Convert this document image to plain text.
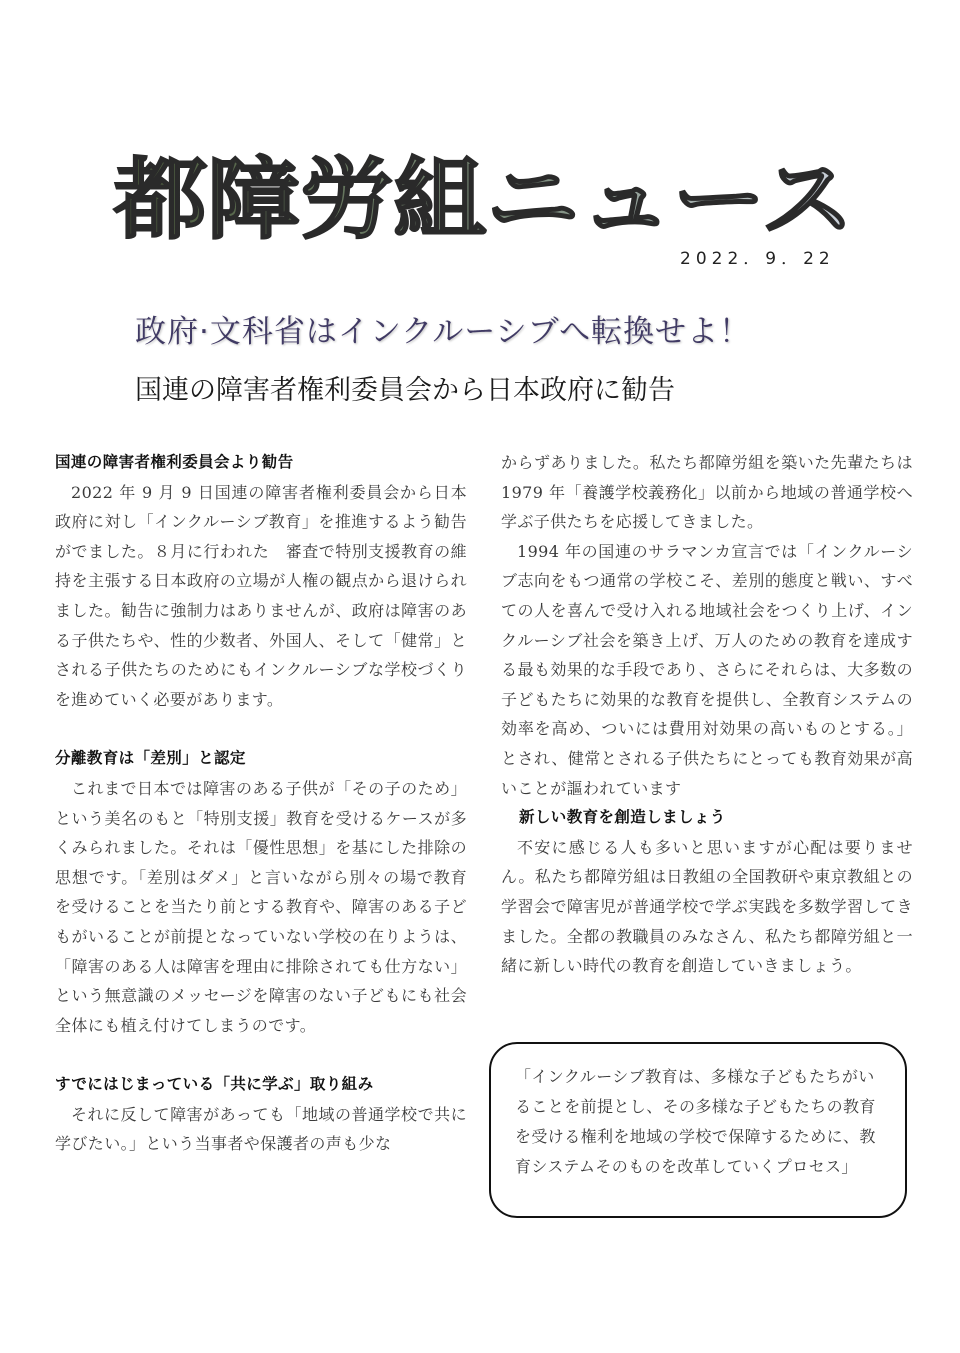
都障労組ニュース
2022．9．22
政府·文科省はインクルーシブへ転換せよ！
国連の障害者権利委員会から日本政府に勧告
国連の障害者権利委員会より勧告

2022 年 9 月 9 日国連の障害者権利委員会から日本政府に対し「インクルーシブ教育」を推進するよう勧告がでました。８月に行われた　審査で特別支援教育の維持を主張する日本政府の立場が人権の観点から退けられました。勧告に強制力はありませんが、政府は障害のある子供たちや、性的少数者、外国人、そして「健常」とされる子供たちのためにもインクルーシブな学校づくりを進めていく必要があります。

分離教育は「差別」と認定

これまで日本では障害のある子供が「その子のため」という美名のもと「特別支援」教育を受けるケースが多くみられました。それは「優性思想」を基にした排除の思想です。｢差別はダメ」と言いながら別々の場で教育を受けることを当たり前とする教育や、障害のある子どもがいることが前提となっていない学校の在りようは、「障害のある人は障害を理由に排除されても仕方ない」という無意識のメッセージを障害のない子どもにも社会全体にも植え付けてしまうのです。

すでにはじまっている「共に学ぶ」取り組み

それに反して障害があっても「地域の普通学校で共に学びたい。」という当事者や保護者の声も少な

からずありました。私たち都障労組を築いた先輩たちは 1979 年「養護学校義務化」以前から地域の普通学校へ学ぶ子供たちを応援してきました。

1994 年の国連のサラマンカ宣言では「インクルーシブ志向をもつ通常の学校こそ、差別的態度と戦い、すべての人を喜んで受け入れる地域社会をつくり上げ、インクルーシブ社会を築き上げ、万人のための教育を達成する最も効果的な手段であり、さらにそれらは、大多数の子どもたちに効果的な教育を提供し、全教育システムの効率を高め、ついには費用対効果の高いものとする。」とされ、健常とされる子供たちにとっても教育効果が高いことが謳われています

新しい教育を創造しましょう

不安に感じる人も多いと思いますが心配は要りません。私たち都障労組は日教組の全国教研や東京教組との学習会で障害児が普通学校で学ぶ実践を多数学習してきました。全都の教職員のみなさん、私たち都障労組と一緒に新しい時代の教育を創造していきましょう。

「インクルーシブ教育は、多様な子どもたちがいることを前提とし、その多様な子どもたちの教育を受ける権利を地域の学校で保障するために、教育システムそのものを改革していくプロセス」
